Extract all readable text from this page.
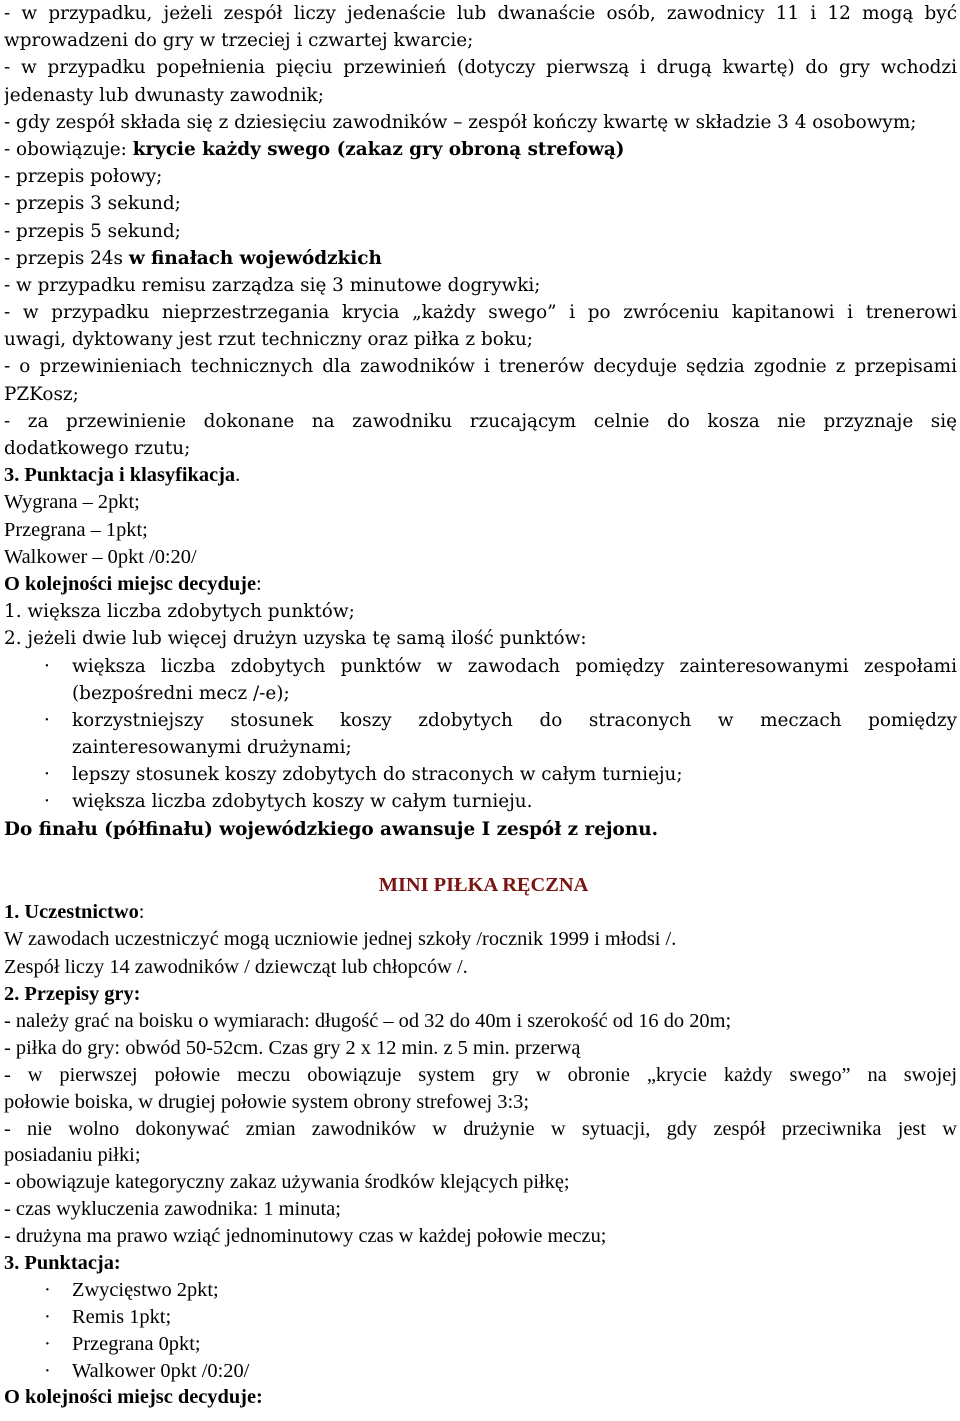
- w przypadku, jeżeli zespół liczy jedenaście lub dwanaście osób, zawodnicy 11 i 12 mogą być
wprowadzeni do gry w trzeciej i czwartej kwarcie;
- w przypadku popełnienia pięciu przewinień (dotyczy pierwszą i drugą kwartę) do gry wchodzi
jedenasty lub dwunasty zawodnik;
- gdy zespół składa się z dziesięciu zawodników – zespół kończy kwartę w składzie 3 4 osobowym;
- obowiązuje: krycie każdy swego (zakaz gry obroną strefową)
- przepis połowy;
- przepis 3 sekund;
- przepis 5 sekund;
- przepis 24s w finałach wojewódzkich
- w przypadku remisu zarządza się 3 minutowe dogrywki;
- w przypadku nieprzestrzegania krycia „każdy swego” i po zwróceniu kapitanowi i trenerowi
uwagi, dyktowany jest rzut techniczny oraz piłka z boku;
- o przewinieniach technicznych dla zawodników i trenerów decyduje sędzia zgodnie z przepisami
PZKosz;
- za przewinienie dokonane na zawodniku rzucającym celnie do kosza nie przyznaje się
dodatkowego rzutu;
3. Punktacja i klasyfikacja.
Wygrana – 2pkt;
Przegrana – 1pkt;
Walkower – 0pkt /0:20/
O kolejności miejsc decyduje:
1. większa liczba zdobytych punktów;
2. jeżeli dwie lub więcej drużyn uzyska tę samą ilość punktów:
· większa liczba zdobytych punktów w zawodach pomiędzy zainteresowanymi zespołami
(bezpośredni mecz /-e);
· korzystniejszy stosunek koszy zdobytych do straconych w meczach pomiędzy
zainteresowanymi drużynami;
· lepszy stosunek koszy zdobytych do straconych w całym turnieju;
· większa liczba zdobytych koszy w całym turnieju.
Do finału (półfinału) wojewódzkiego awansuje I zespół z rejonu.
MINI PIŁKA RĘCZNA
1. Uczestnictwo:
W zawodach uczestniczyć mogą uczniowie jednej szkoły /rocznik 1999 i młodsi /.
Zespół liczy 14 zawodników / dziewcząt lub chłopców /.
2. Przepisy gry:
- należy grać na boisku o wymiarach: długość – od 32 do 40m i szerokość od 16 do 20m;
- piłka do gry: obwód 50-52cm. Czas gry 2 x 12 min. z 5 min. przerwą
- w pierwszej połowie meczu obowiązuje system gry w obronie „krycie każdy swego” na swojej
połowie boiska, w drugiej połowie system obrony strefowej 3:3;
- nie wolno dokonywać zmian zawodników w drużynie w sytuacji, gdy zespół przeciwnika jest w
posiadaniu piłki;
- obowiązuje kategoryczny zakaz używania środków klejących piłkę;
- czas wykluczenia zawodnika: 1 minuta;
- drużyna ma prawo wziąć jednominutowy czas w każdej połowie meczu;
3. Punktacja:
· Zwycięstwo 2pkt;
· Remis 1pkt;
· Przegrana 0pkt;
· Walkower 0pkt /0:20/
O kolejności miejsc decyduje:
